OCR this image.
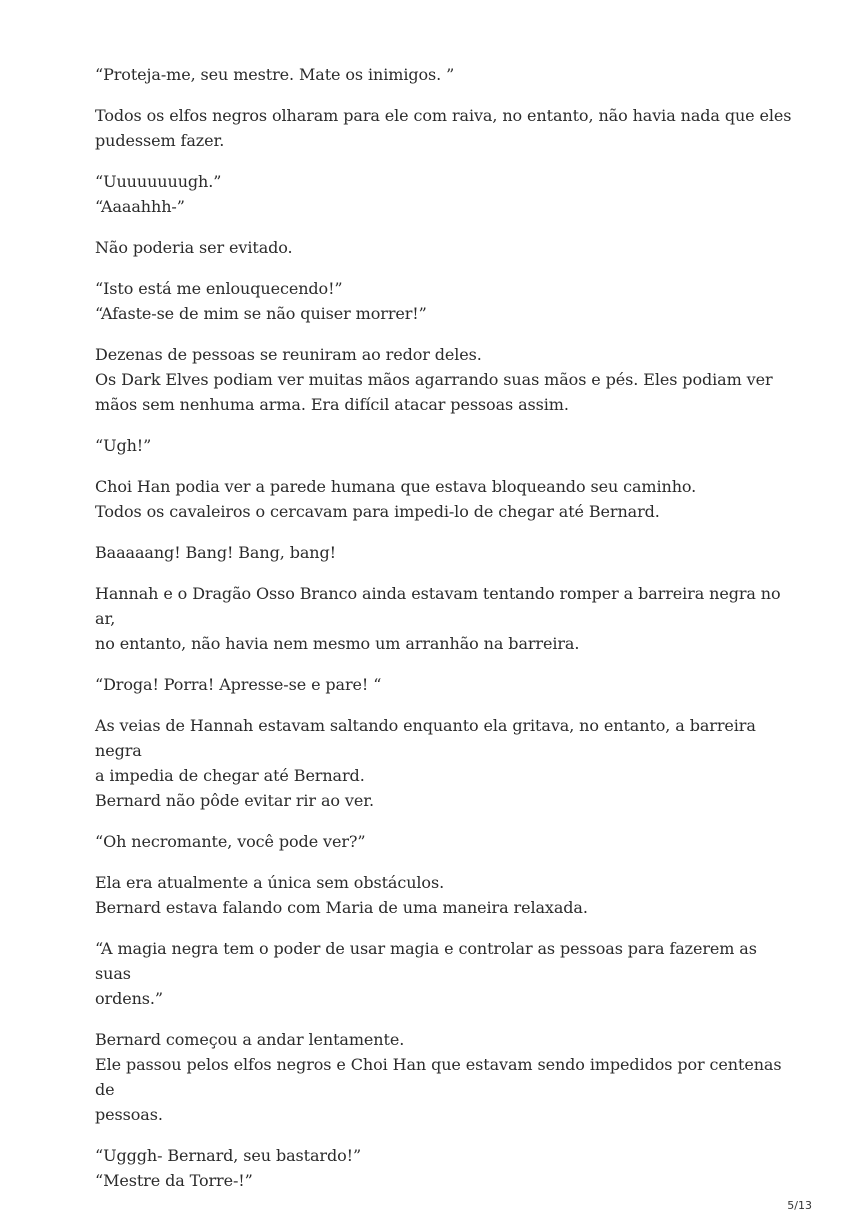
“Proteja-me, seu mestre. Mate os inimigos. ”

Todos os elfos negros olharam para ele com raiva, no entanto, não havia nada que eles
pudessem fazer.

“Uuuuuuuugh.”
“Aaaahhh-”

Não poderia ser evitado.

“Isto está me enlouquecendo!”
“Afaste-se de mim se não quiser morrer!”

Dezenas de pessoas se reuniram ao redor deles.
Os Dark Elves podiam ver muitas mãos agarrando suas mãos e pés. Eles podiam ver
mãos sem nenhuma arma. Era difícil atacar pessoas assim.

“Ugh!”

Choi Han podia ver a parede humana que estava bloqueando seu caminho.
Todos os cavaleiros o cercavam para impedi-lo de chegar até Bernard.

Baaaaang! Bang! Bang, bang!

Hannah e o Dragão Osso Branco ainda estavam tentando romper a barreira negra no ar,
no entanto, não havia nem mesmo um arranhão na barreira.

“Droga! Porra! Apresse-se e pare! “

As veias de Hannah estavam saltando enquanto ela gritava, no entanto, a barreira negra
a impedia de chegar até Bernard.
Bernard não pôde evitar rir ao ver.

“Oh necromante, você pode ver?”

Ela era atualmente a única sem obstáculos.
Bernard estava falando com Maria de uma maneira relaxada.

“A magia negra tem o poder de usar magia e controlar as pessoas para fazerem as suas
ordens.”

Bernard começou a andar lentamente.
Ele passou pelos elfos negros e Choi Han que estavam sendo impedidos por centenas de
pessoas.

“Ugggh- Bernard, seu bastardo!”
“Mestre da Torre-!”

5/13
